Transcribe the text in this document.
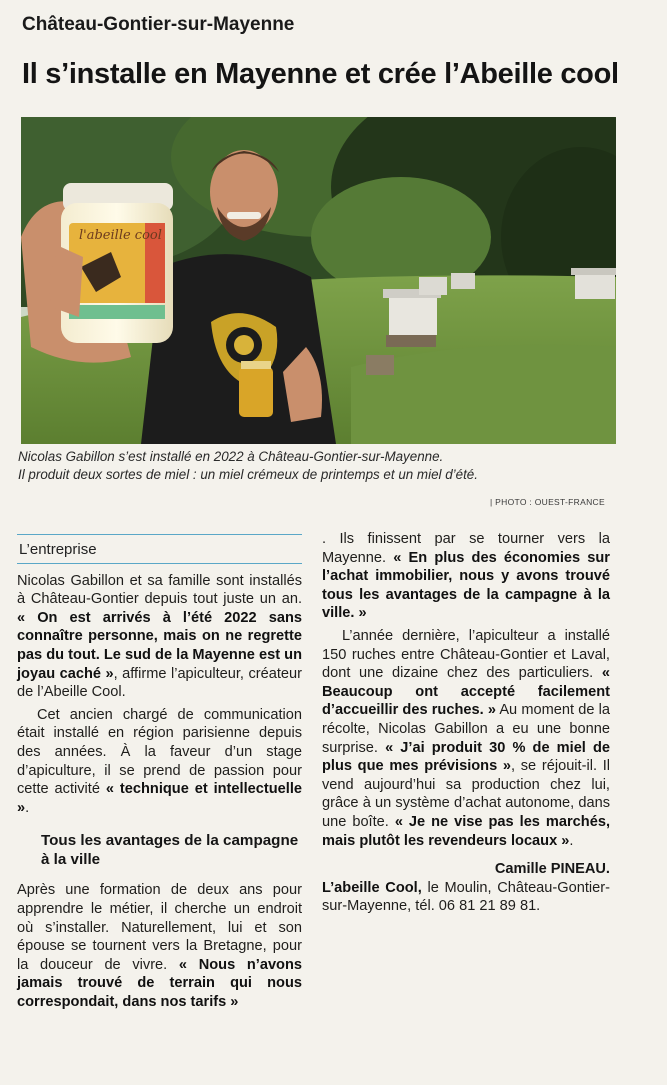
Château-Gontier-sur-Mayenne
Il s’installe en Mayenne et crée l’Abeille cool
l'abeille cool
Nicolas Gabillon s’est installé en 2022 à Château-Gontier-sur-Mayenne.
Il produit deux sortes de miel : un miel crémeux de printemps et un miel d’été.
| PHOTO : OUEST-FRANCE
L’entreprise

Nicolas Gabillon et sa famille sont installés à Château-Gontier depuis tout juste un an. « On est arrivés à l’été 2022 sans connaître personne, mais on ne regrette pas du tout. Le sud de la Mayenne est un joyau caché », affirme l’apiculteur, créateur de l’Abeille Cool.

Cet ancien chargé de communication était installé en région parisienne depuis des années. À la faveur d’un stage d’apiculture, il se prend de passion pour cette activité « technique et intellectuelle ».

Tous les avantages de la campagne à la ville

Après une formation de deux ans pour apprendre le métier, il cherche un endroit où s’installer. Naturellement, lui et son épouse se tournent vers la Bretagne, pour la douceur de vivre. « Nous n’avons jamais trouvé de terrain qui nous correspondait, dans nos tarifs »

. Ils finissent par se tourner vers la Mayenne. « En plus des économies sur l’achat immobilier, nous y avons trouvé tous les avantages de la campagne à la ville. »

L’année dernière, l’apiculteur a installé 150 ruches entre Château-Gontier et Laval, dont une dizaine chez des particuliers. « Beaucoup ont accepté facilement d’accueillir des ruches. » Au moment de la récolte, Nicolas Gabillon a eu une bonne surprise. « J’ai produit 30 % de miel de plus que mes prévisions », se réjouit-il. Il vend aujourd’hui sa production chez lui, grâce à un système d’achat autonome, dans une boîte. « Je ne vise pas les marchés, mais plutôt les revendeurs locaux ».

Camille PINEAU.

L’abeille Cool, le Moulin, Château-Gontier-sur-Mayenne, tél. 06 81 21 89 81.
